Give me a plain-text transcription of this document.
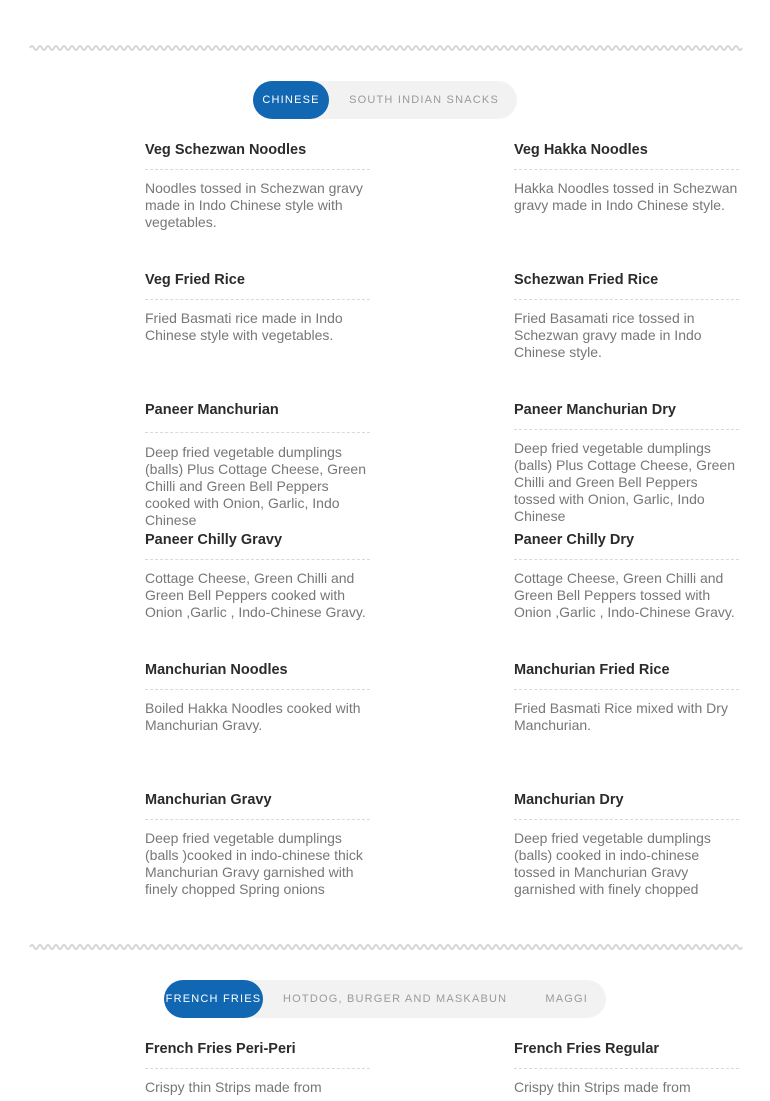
CHINESE	SOUTH INDIAN SNACKS
Veg Schezwan Noodles
Noodles tossed in Schezwan gravy made in Indo Chinese style with vegetables.
Veg Hakka Noodles
Hakka Noodles tossed in Schezwan gravy made in Indo Chinese style.
Veg Fried Rice
Fried Basmati rice made in Indo Chinese style with vegetables.
Schezwan Fried Rice
Fried Basamati rice tossed in Schezwan gravy made in Indo Chinese style.
Paneer Manchurian
Deep fried vegetable dumplings (balls) Plus Cottage Cheese, Green Chilli and Green Bell Peppers cooked with Onion, Garlic, Indo Chinese
Paneer Manchurian Dry
Deep fried vegetable dumplings (balls) Plus Cottage Cheese, Green Chilli and Green Bell Peppers tossed with Onion, Garlic, Indo Chinese
Paneer Chilly Gravy
Cottage Cheese, Green Chilli and Green Bell Peppers cooked with Onion ,Garlic , Indo-Chinese Gravy.
Paneer Chilly Dry
Cottage Cheese, Green Chilli and Green Bell Peppers tossed with Onion ,Garlic , Indo-Chinese Gravy.
Manchurian Noodles
Boiled Hakka Noodles cooked with Manchurian Gravy.
Manchurian Fried Rice
Fried Basmati Rice mixed with Dry Manchurian.
Manchurian Gravy
Deep fried vegetable dumplings (balls )cooked in indo-chinese thick Manchurian Gravy garnished with finely chopped Spring onions
Manchurian Dry
Deep fried vegetable dumplings (balls) cooked in indo-chinese tossed in Manchurian Gravy garnished with finely chopped
FRENCH FRIES	HOTDOG, BURGER AND MASKABUN	MAGGI
French Fries Peri-Peri
Crispy thin Strips made from
French Fries Regular
Crispy thin Strips made from
